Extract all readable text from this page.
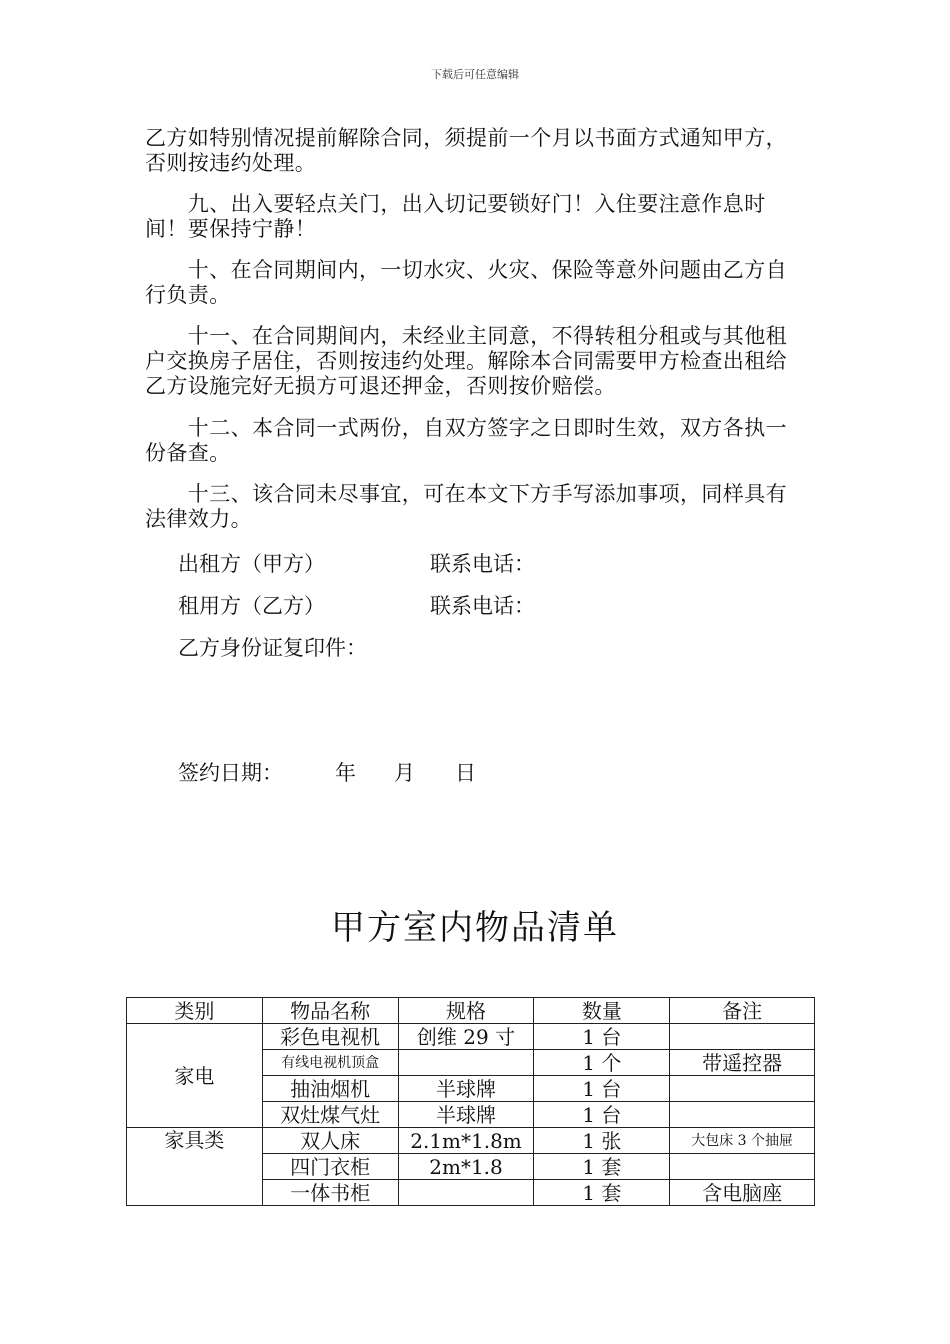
下载后可任意编辑
乙方如特别情况提前解除合同，须提前一个月以书面方式通知甲方，否则按违约处理。
　　九、出入要轻点关门，出入切记要锁好门！入住要注意作息时间！要保持宁静！
　　十、在合同期间内，一切水灾、火灾、保险等意外问题由乙方自行负责。
　　十一、在合同期间内，未经业主同意，不得转租分租或与其他租户交换房子居住，否则按违约处理。解除本合同需要甲方检查出租给乙方设施完好无损方可退还押金，否则按价赔偿。
　　十二、本合同一式两份，自双方签字之日即时生效，双方各执一份备查。
　　十三、该合同未尽事宜，可在本文下方手写添加事项，同样具有法律效力。
出租方（甲方）	联系电话：
租用方（乙方）	联系电话：
乙方身份证复印件：
签约日期： 年 月 日
甲方室内物品清单
类别	物品名称	规格	数量	备注
家电	彩色电视机	创维 29 寸	1 台	
	有线电视机顶盒		1 个	带遥控器
	抽油烟机	半球牌	1 台	
	双灶煤气灶	半球牌	1 台	
家具类	双人床	2.1m*1.8m	1 张	大包床 3 个抽屉
	四门衣柜	2m*1.8	1 套	
	一体书柜		1 套	含电脑座
